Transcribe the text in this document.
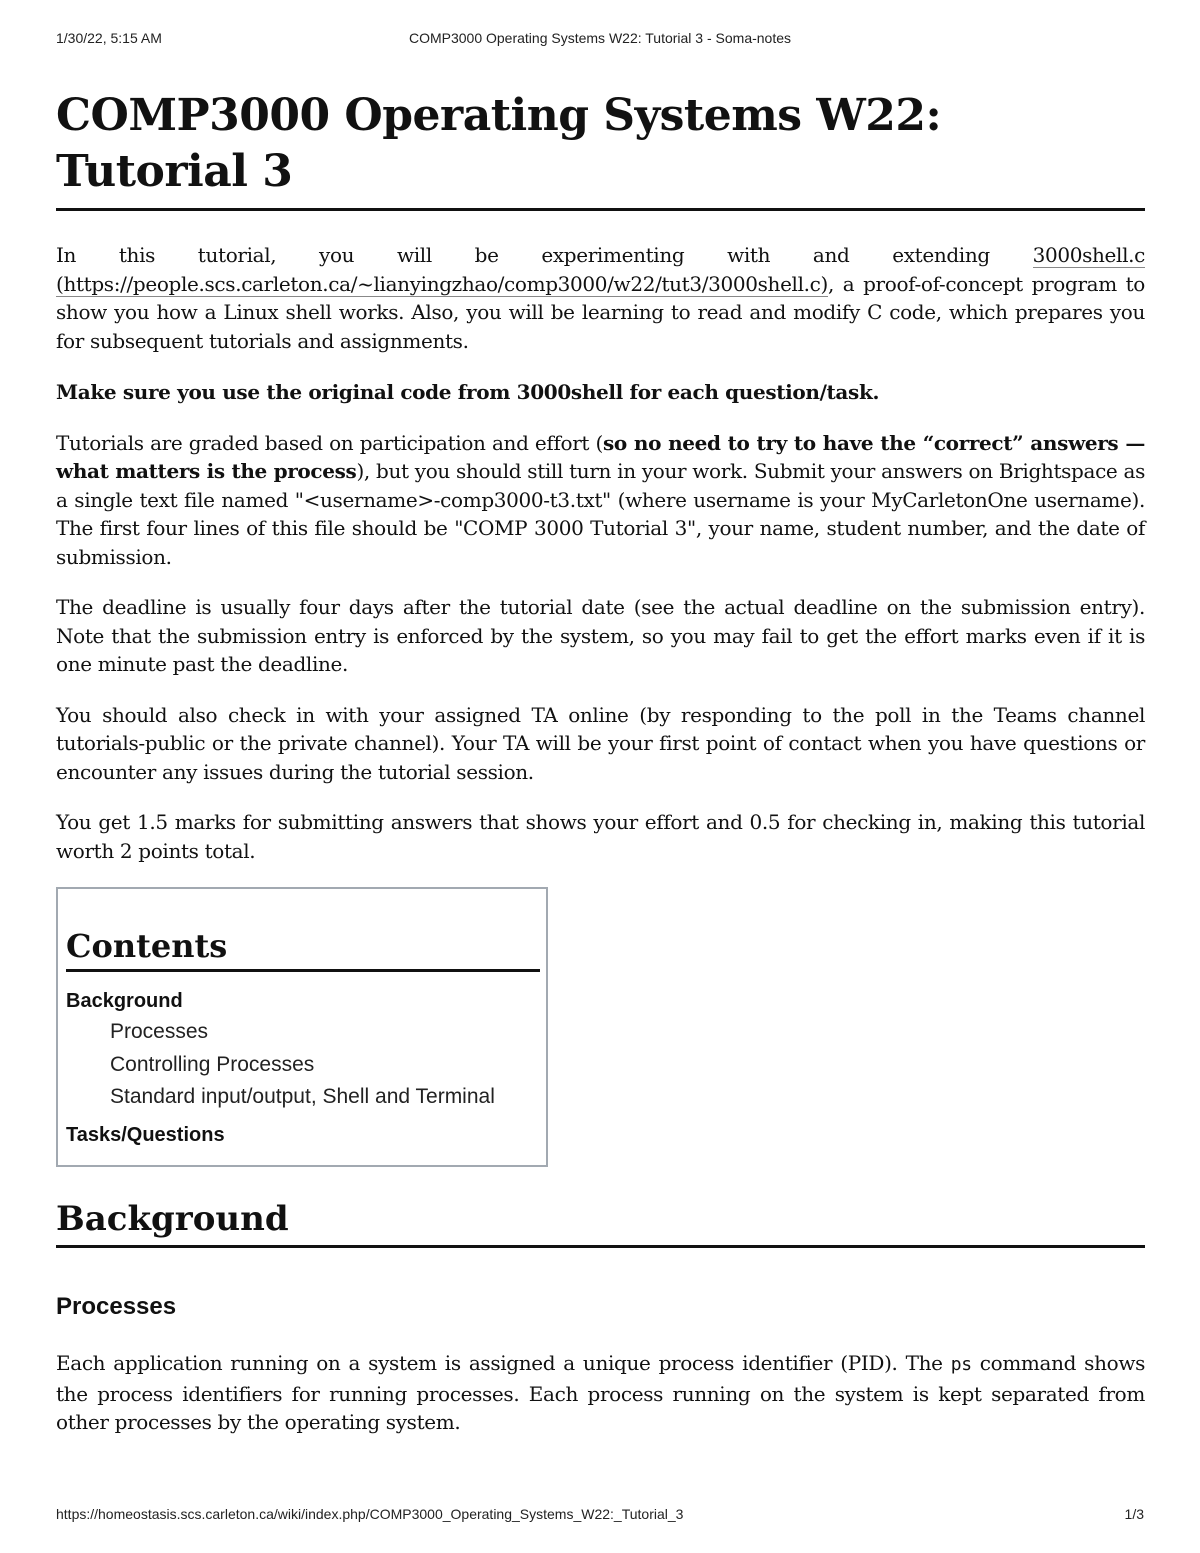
1/30/22, 5:15 AM	COMP3000 Operating Systems W22: Tutorial 3 - Soma-notes
COMP3000 Operating Systems W22: Tutorial 3

In this tutorial, you will be experimenting with and extending 3000shell.c (https://people.scs.carleton.ca/~lianyingzhao/comp3000/w22/tut3/3000shell.c), a proof-of-concept program to show you how a Linux shell works. Also, you will be learning to read and modify C code, which prepares you for subsequent tutorials and assignments.

Make sure you use the original code from 3000shell for each question/task.

Tutorials are graded based on participation and effort (so no need to try to have the “correct” answers — what matters is the process), but you should still turn in your work. Submit your answers on Brightspace as a single text file named "<username>-comp3000-t3.txt" (where username is your MyCarletonOne username). The first four lines of this file should be "COMP 3000 Tutorial 3", your name, student number, and the date of submission.

The deadline is usually four days after the tutorial date (see the actual deadline on the submission entry). Note that the submission entry is enforced by the system, so you may fail to get the effort marks even if it is one minute past the deadline.

You should also check in with your assigned TA online (by responding to the poll in the Teams channel tutorials-public or the private channel). Your TA will be your first point of contact when you have questions or encounter any issues during the tutorial session.

You get 1.5 marks for submitting answers that shows your effort and 0.5 for checking in, making this tutorial worth 2 points total.

Contents
Background
Processes
Controlling Processes
Standard input/output, Shell and Terminal
Tasks/Questions
Background
Processes

Each application running on a system is assigned a unique process identifier (PID). The ps command shows the process identifiers for running processes. Each process running on the system is kept separated from other processes by the operating system.

https://homeostasis.scs.carleton.ca/wiki/index.php/COMP3000_Operating_Systems_W22:_Tutorial_3	1/3
